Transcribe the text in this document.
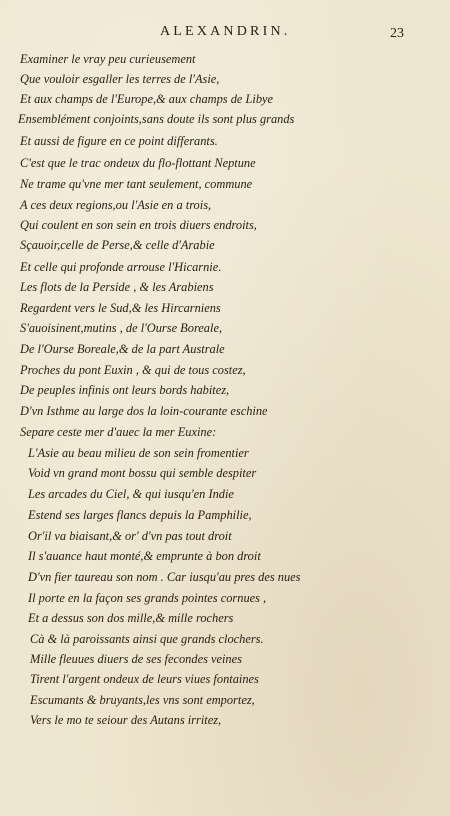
ALEXANDRIN.	23
Examiner le vray peu curieusement
Que vouloir esgaller les terres de l'Asie,
Et aux champs de l'Europe,& aux champs de Libye
Ensemblément conjoints,sans doute ils sont plus grands
Et aussi de figure en ce point differants.
C'est que le trac ondeux du flo-flottant Neptune
Ne trame qu'vne mer tant seulement, commune
A ces deux regions,ou l'Asie en a trois,
Qui coulent en son sein en trois diuers endroits,
Sçauoir,celle de Perse,& celle d'Arabie
Et celle qui profonde arrouse l'Hicarnie.
Les flots de la Perside , & les Arabiens
Regardent vers le Sud,& les Hircarniens
S'auoisinent,mutins , de l'Ourse Boreale,
De l'Ourse Boreale,& de la part Australe
Proches du pont Euxin , & qui de tous costez,
De peuples infinis ont leurs bords habitez,
D'vn Isthme au large dos la loin-courante eschine
Separe ceste mer d'auec la mer Euxine:
L'Asie au beau milieu de son sein fromentier
Void vn grand mont bossu qui semble despiter
Les arcades du Ciel, & qui iusqu'en Indie
Estend ses larges flancs depuis la Pamphilie,
Or'il va biaisant,& or' d'vn pas tout droit
Il s'auance haut monté,& emprunte à bon droit
D'vn fier taureau son nom . Car iusqu'au pres des nues
Il porte en la façon ses grands pointes cornues ,
Et a dessus son dos mille,& mille rochers
Cà & là paroissants ainsi que grands clochers.
Mille fleuues diuers de ses fecondes veines
Tirent l'argent ondeux de leurs viues fontaines
Escumants & bruyants,les vns sont emportez,
Vers le mo te seiour des Autans irritez,
